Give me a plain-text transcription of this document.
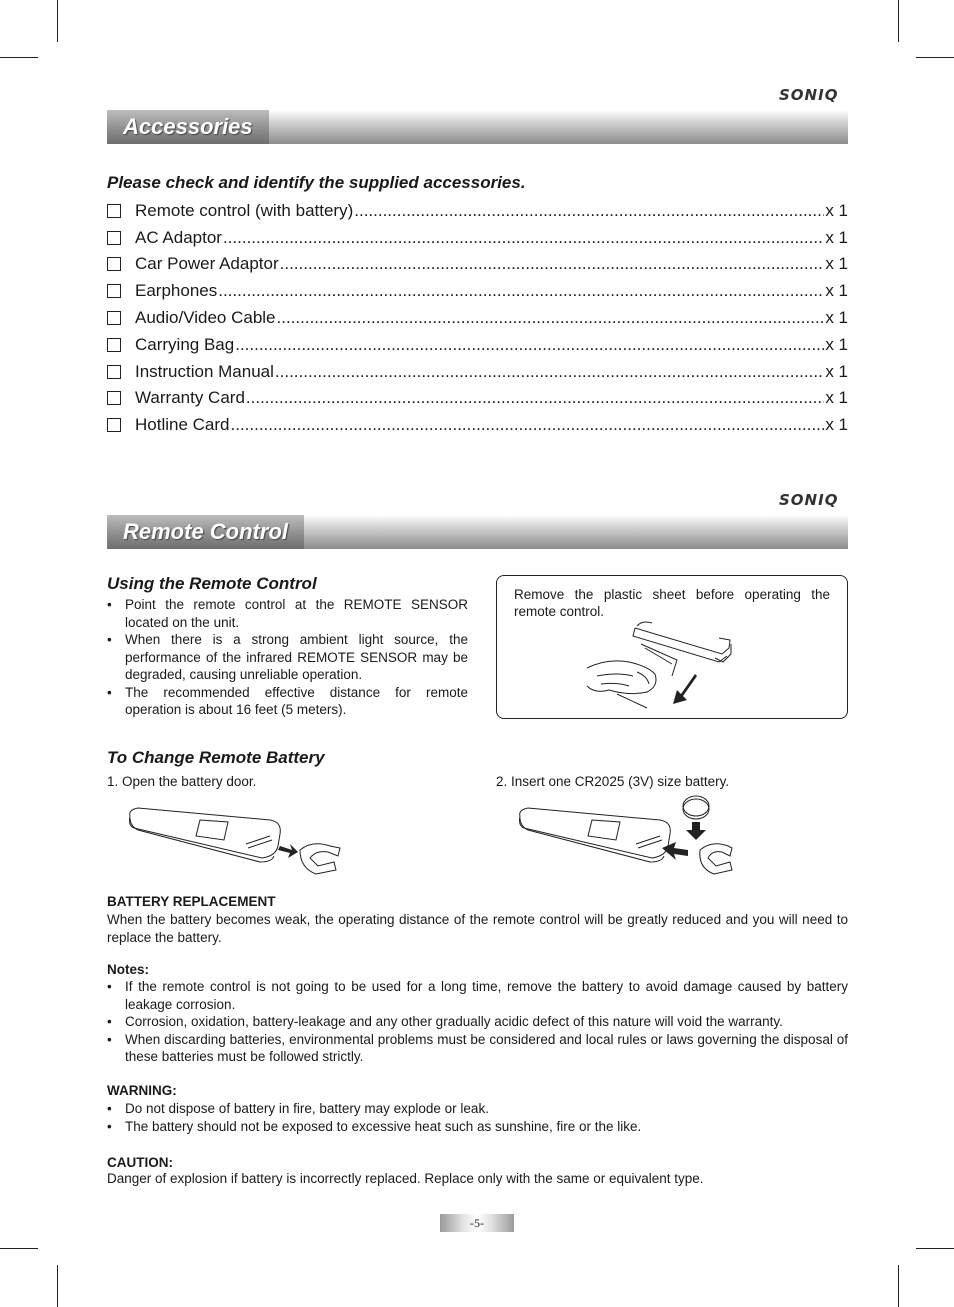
SONIQ
Accessories
Please check and identify the supplied accessories.
Remote control (with battery) .....	x 1
AC Adaptor .....	x 1
Car Power Adaptor .....	x 1
Earphones .....	x 1
Audio/Video Cable .....	x 1
Carrying Bag .....	x 1
Instruction Manual .....	x 1
Warranty Card .....	x 1
Hotline Card .....	x 1
SONIQ
Remote Control
Using the Remote Control
• Point the remote control at the REMOTE SENSOR located on the unit.
• When there is a strong ambient light source, the performance of the infrared REMOTE SENSOR may be degraded, causing unreliable operation.
• The recommended effective distance for remote operation is about 16 feet (5 meters).
Remove the plastic sheet before operating the remote control.
To Change Remote Battery
1. Open the battery door.	2. Insert one CR2025 (3V) size battery.
BATTERY REPLACEMENT
When the battery becomes weak, the operating distance of the remote control will be greatly reduced and you will need to replace the battery.
Notes:
• If the remote control is not going to be used for a long time, remove the battery to avoid damage caused by battery leakage corrosion.
• Corrosion, oxidation, battery-leakage and any other gradually acidic defect of this nature will void the warranty.
• When discarding batteries, environmental problems must be considered and local rules or laws governing the disposal of these batteries must be followed strictly.
WARNING:
• Do not dispose of battery in fire, battery may explode or leak.
• The battery should not be exposed to excessive heat such as sunshine, fire or the like.
CAUTION:
Danger of explosion if battery is incorrectly replaced. Replace only with the same or equivalent type.
-5-
